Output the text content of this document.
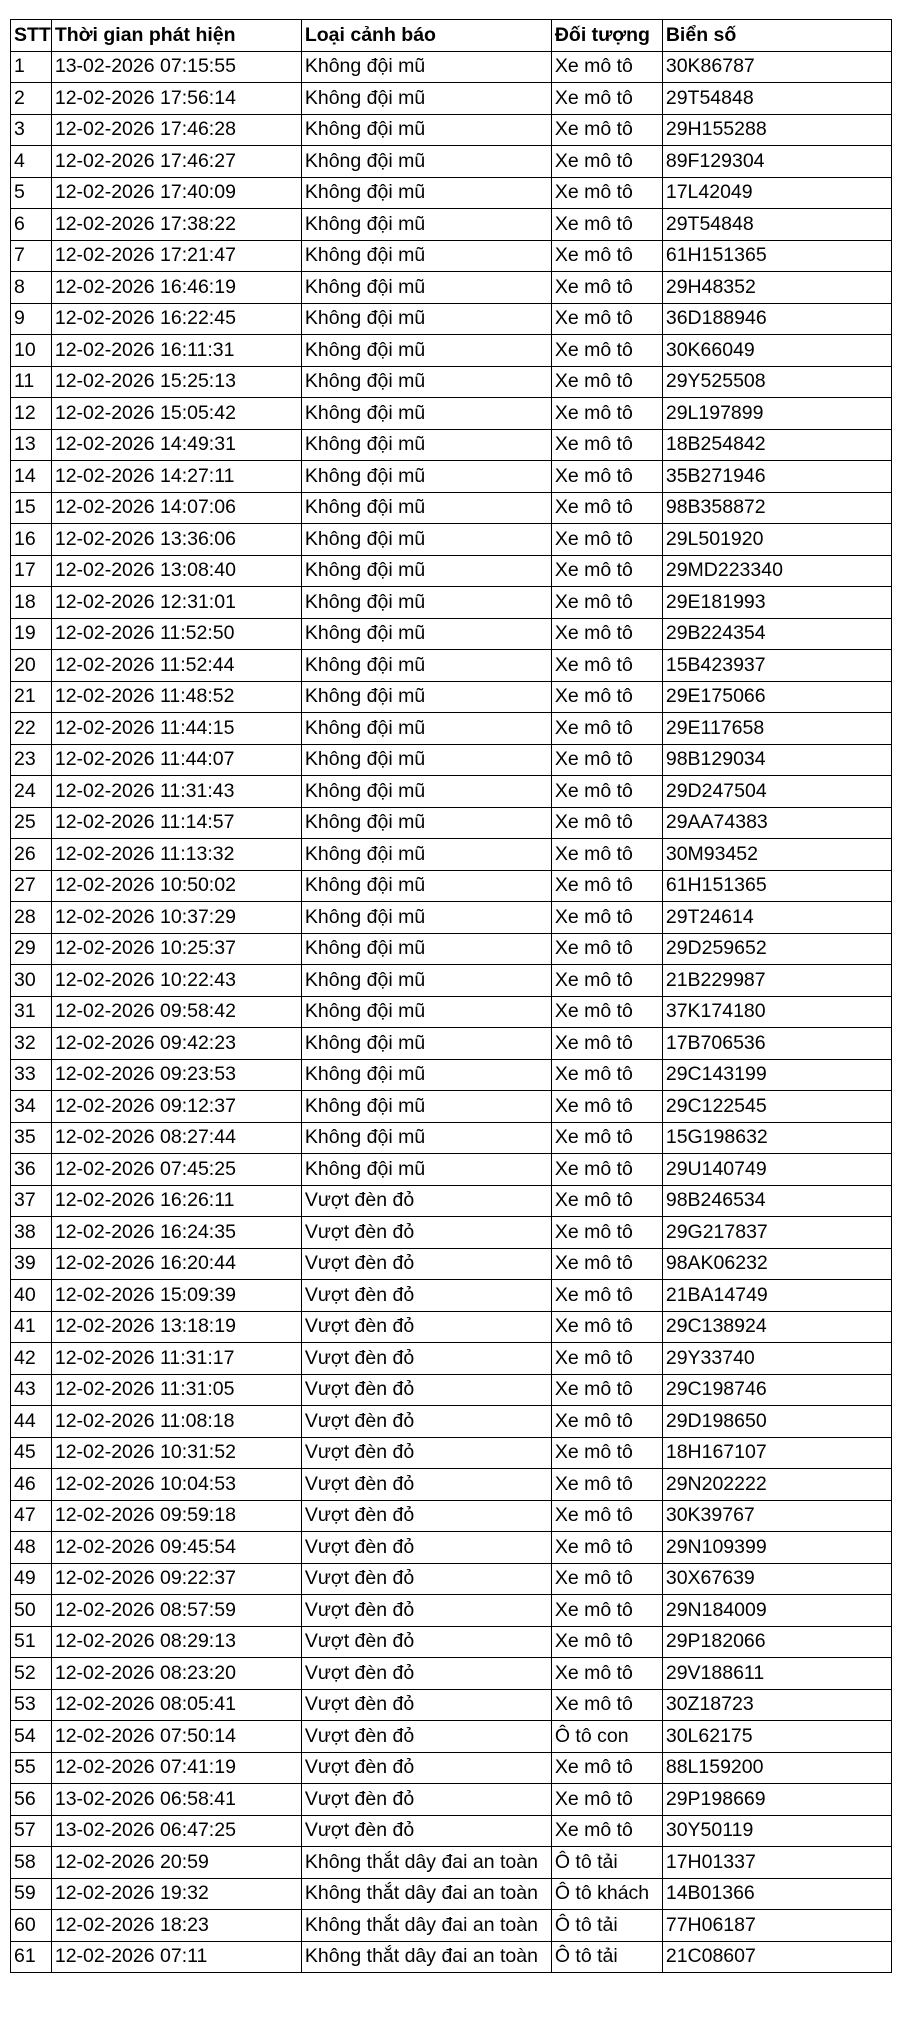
STT	Thời gian phát hiện	Loại cảnh báo	Đối tượng	Biển số
1	13-02-2026 07:15:55	Không đội mũ	Xe mô tô	30K86787
2	12-02-2026 17:56:14	Không đội mũ	Xe mô tô	29T54848
3	12-02-2026 17:46:28	Không đội mũ	Xe mô tô	29H155288
4	12-02-2026 17:46:27	Không đội mũ	Xe mô tô	89F129304
5	12-02-2026 17:40:09	Không đội mũ	Xe mô tô	17L42049
6	12-02-2026 17:38:22	Không đội mũ	Xe mô tô	29T54848
7	12-02-2026 17:21:47	Không đội mũ	Xe mô tô	61H151365
8	12-02-2026 16:46:19	Không đội mũ	Xe mô tô	29H48352
9	12-02-2026 16:22:45	Không đội mũ	Xe mô tô	36D188946
10	12-02-2026 16:11:31	Không đội mũ	Xe mô tô	30K66049
11	12-02-2026 15:25:13	Không đội mũ	Xe mô tô	29Y525508
12	12-02-2026 15:05:42	Không đội mũ	Xe mô tô	29L197899
13	12-02-2026 14:49:31	Không đội mũ	Xe mô tô	18B254842
14	12-02-2026 14:27:11	Không đội mũ	Xe mô tô	35B271946
15	12-02-2026 14:07:06	Không đội mũ	Xe mô tô	98B358872
16	12-02-2026 13:36:06	Không đội mũ	Xe mô tô	29L501920
17	12-02-2026 13:08:40	Không đội mũ	Xe mô tô	29MD223340
18	12-02-2026 12:31:01	Không đội mũ	Xe mô tô	29E181993
19	12-02-2026 11:52:50	Không đội mũ	Xe mô tô	29B224354
20	12-02-2026 11:52:44	Không đội mũ	Xe mô tô	15B423937
21	12-02-2026 11:48:52	Không đội mũ	Xe mô tô	29E175066
22	12-02-2026 11:44:15	Không đội mũ	Xe mô tô	29E117658
23	12-02-2026 11:44:07	Không đội mũ	Xe mô tô	98B129034
24	12-02-2026 11:31:43	Không đội mũ	Xe mô tô	29D247504
25	12-02-2026 11:14:57	Không đội mũ	Xe mô tô	29AA74383
26	12-02-2026 11:13:32	Không đội mũ	Xe mô tô	30M93452
27	12-02-2026 10:50:02	Không đội mũ	Xe mô tô	61H151365
28	12-02-2026 10:37:29	Không đội mũ	Xe mô tô	29T24614
29	12-02-2026 10:25:37	Không đội mũ	Xe mô tô	29D259652
30	12-02-2026 10:22:43	Không đội mũ	Xe mô tô	21B229987
31	12-02-2026 09:58:42	Không đội mũ	Xe mô tô	37K174180
32	12-02-2026 09:42:23	Không đội mũ	Xe mô tô	17B706536
33	12-02-2026 09:23:53	Không đội mũ	Xe mô tô	29C143199
34	12-02-2026 09:12:37	Không đội mũ	Xe mô tô	29C122545
35	12-02-2026 08:27:44	Không đội mũ	Xe mô tô	15G198632
36	12-02-2026 07:45:25	Không đội mũ	Xe mô tô	29U140749
37	12-02-2026 16:26:11	Vượt đèn đỏ	Xe mô tô	98B246534
38	12-02-2026 16:24:35	Vượt đèn đỏ	Xe mô tô	29G217837
39	12-02-2026 16:20:44	Vượt đèn đỏ	Xe mô tô	98AK06232
40	12-02-2026 15:09:39	Vượt đèn đỏ	Xe mô tô	21BA14749
41	12-02-2026 13:18:19	Vượt đèn đỏ	Xe mô tô	29C138924
42	12-02-2026 11:31:17	Vượt đèn đỏ	Xe mô tô	29Y33740
43	12-02-2026 11:31:05	Vượt đèn đỏ	Xe mô tô	29C198746
44	12-02-2026 11:08:18	Vượt đèn đỏ	Xe mô tô	29D198650
45	12-02-2026 10:31:52	Vượt đèn đỏ	Xe mô tô	18H167107
46	12-02-2026 10:04:53	Vượt đèn đỏ	Xe mô tô	29N202222
47	12-02-2026 09:59:18	Vượt đèn đỏ	Xe mô tô	30K39767
48	12-02-2026 09:45:54	Vượt đèn đỏ	Xe mô tô	29N109399
49	12-02-2026 09:22:37	Vượt đèn đỏ	Xe mô tô	30X67639
50	12-02-2026 08:57:59	Vượt đèn đỏ	Xe mô tô	29N184009
51	12-02-2026 08:29:13	Vượt đèn đỏ	Xe mô tô	29P182066
52	12-02-2026 08:23:20	Vượt đèn đỏ	Xe mô tô	29V188611
53	12-02-2026 08:05:41	Vượt đèn đỏ	Xe mô tô	30Z18723
54	12-02-2026 07:50:14	Vượt đèn đỏ	Ô tô con	30L62175
55	12-02-2026 07:41:19	Vượt đèn đỏ	Xe mô tô	88L159200
56	13-02-2026 06:58:41	Vượt đèn đỏ	Xe mô tô	29P198669
57	13-02-2026 06:47:25	Vượt đèn đỏ	Xe mô tô	30Y50119
58	12-02-2026 20:59	Không thắt dây đai an toàn	Ô tô tải	17H01337
59	12-02-2026 19:32	Không thắt dây đai an toàn	Ô tô khách	14B01366
60	12-02-2026 18:23	Không thắt dây đai an toàn	Ô tô tải	77H06187
61	12-02-2026 07:11	Không thắt dây đai an toàn	Ô tô tải	21C08607
